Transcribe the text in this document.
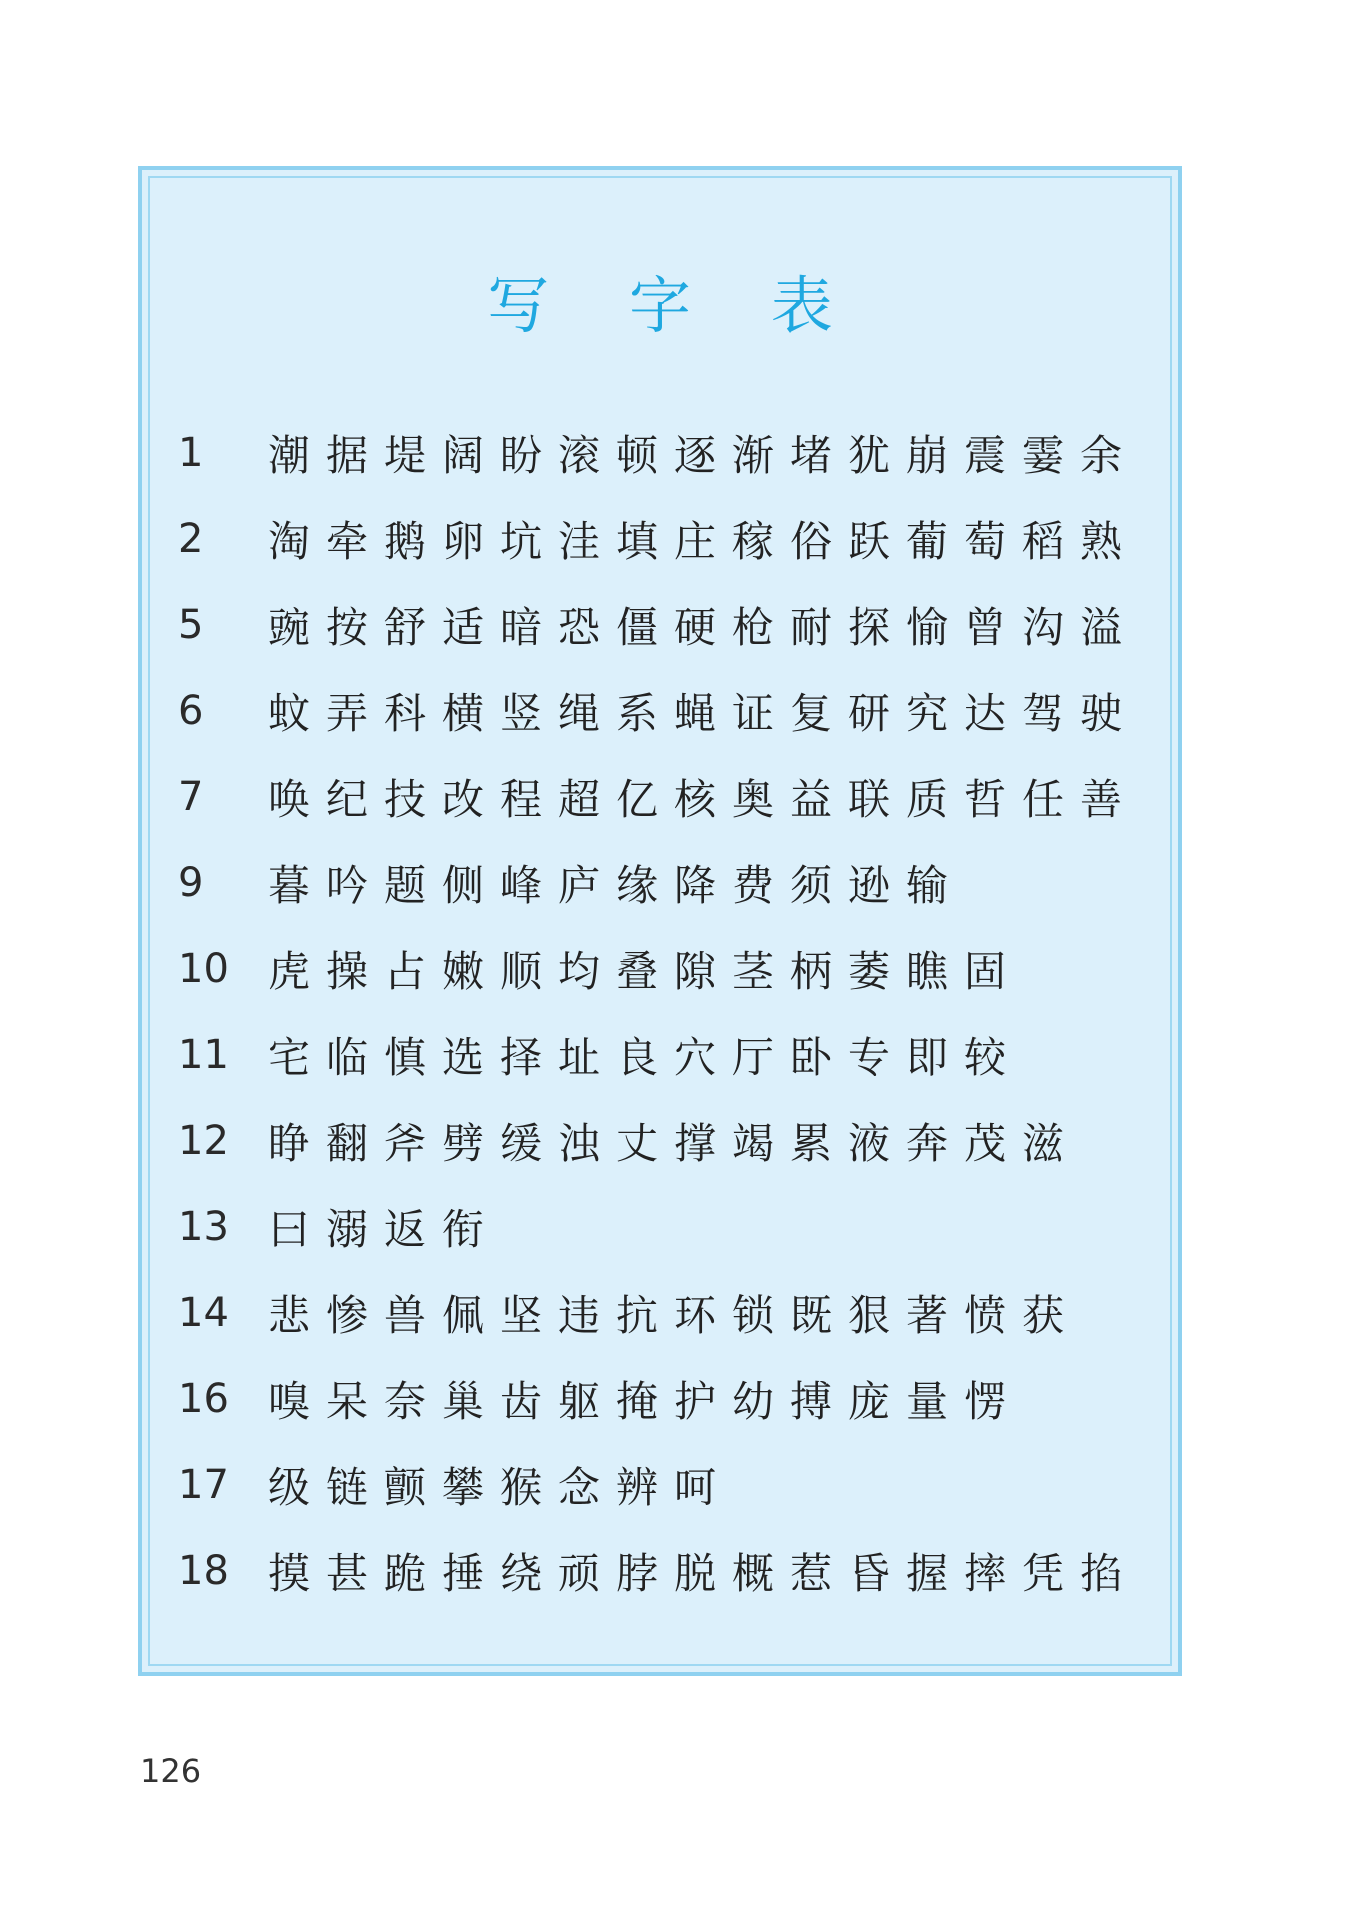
写 字 表
1	潮据堤阔盼滚顿逐渐堵犹崩震霎余
2	淘牵鹅卵坑洼填庄稼俗跃葡萄稻熟
5	豌按舒适暗恐僵硬枪耐探愉曾沟溢
6	蚊弄科横竖绳系蝇证复研究达驾驶
7	唤纪技改程超亿核奥益联质哲任善
9	暮吟题侧峰庐缘降费须逊输
10 虎操占嫩顺均叠隙茎柄萎瞧固
11 宅临慎选择址良穴厅卧专即较
12 睁翻斧劈缓浊丈撑竭累液奔茂滋
13 曰溺返衔
14 悲惨兽佩坚违抗环锁既狠著愤获
16 嗅呆奈巢齿躯掩护幼搏庞量愣
17 级链颤攀猴念辨呵
18 摸甚跪捶绕顽脖脱概惹昏握摔凭掐
126
